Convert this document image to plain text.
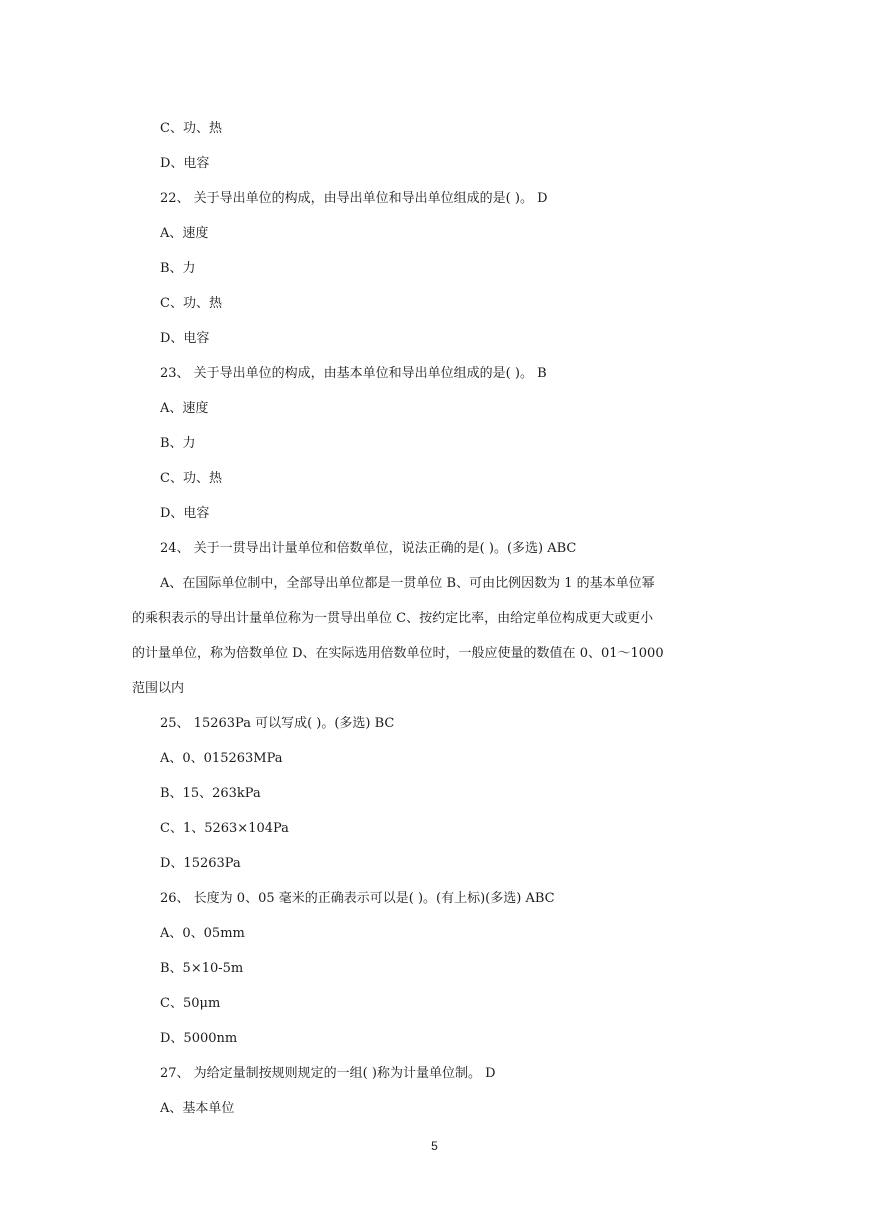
C、功、热
D、电容
22、 关于导出单位的构成，由导出单位和导出单位组成的是( )。 D
A、速度
B、力
C、功、热
D、电容
23、 关于导出单位的构成，由基本单位和导出单位组成的是( )。 B
A、速度
B、力
C、功、热
D、电容
24、 关于一贯导出计量单位和倍数单位，说法正确的是( )。(多选) ABC
A、在国际单位制中，全部导出单位都是一贯单位 B、可由比例因数为 1 的基本单位幂
的乘积表示的导出计量单位称为一贯导出单位 C、按约定比率，由给定单位构成更大或更小
的计量单位，称为倍数单位 D、在实际选用倍数单位时，一般应使量的数值在 0、01～1000
范围以内
25、 15263Pa 可以写成( )。(多选) BC
A、0、015263MPa
B、15、263kPa
C、1、5263×104Pa
D、15263Pa
26、 长度为 0、05 毫米的正确表示可以是( )。(有上标)(多选) ABC
A、0、05mm
B、5×10-5m
C、50μm
D、5000nm
27、 为给定量制按规则规定的一组( )称为计量单位制。 D
A、基本单位
5
